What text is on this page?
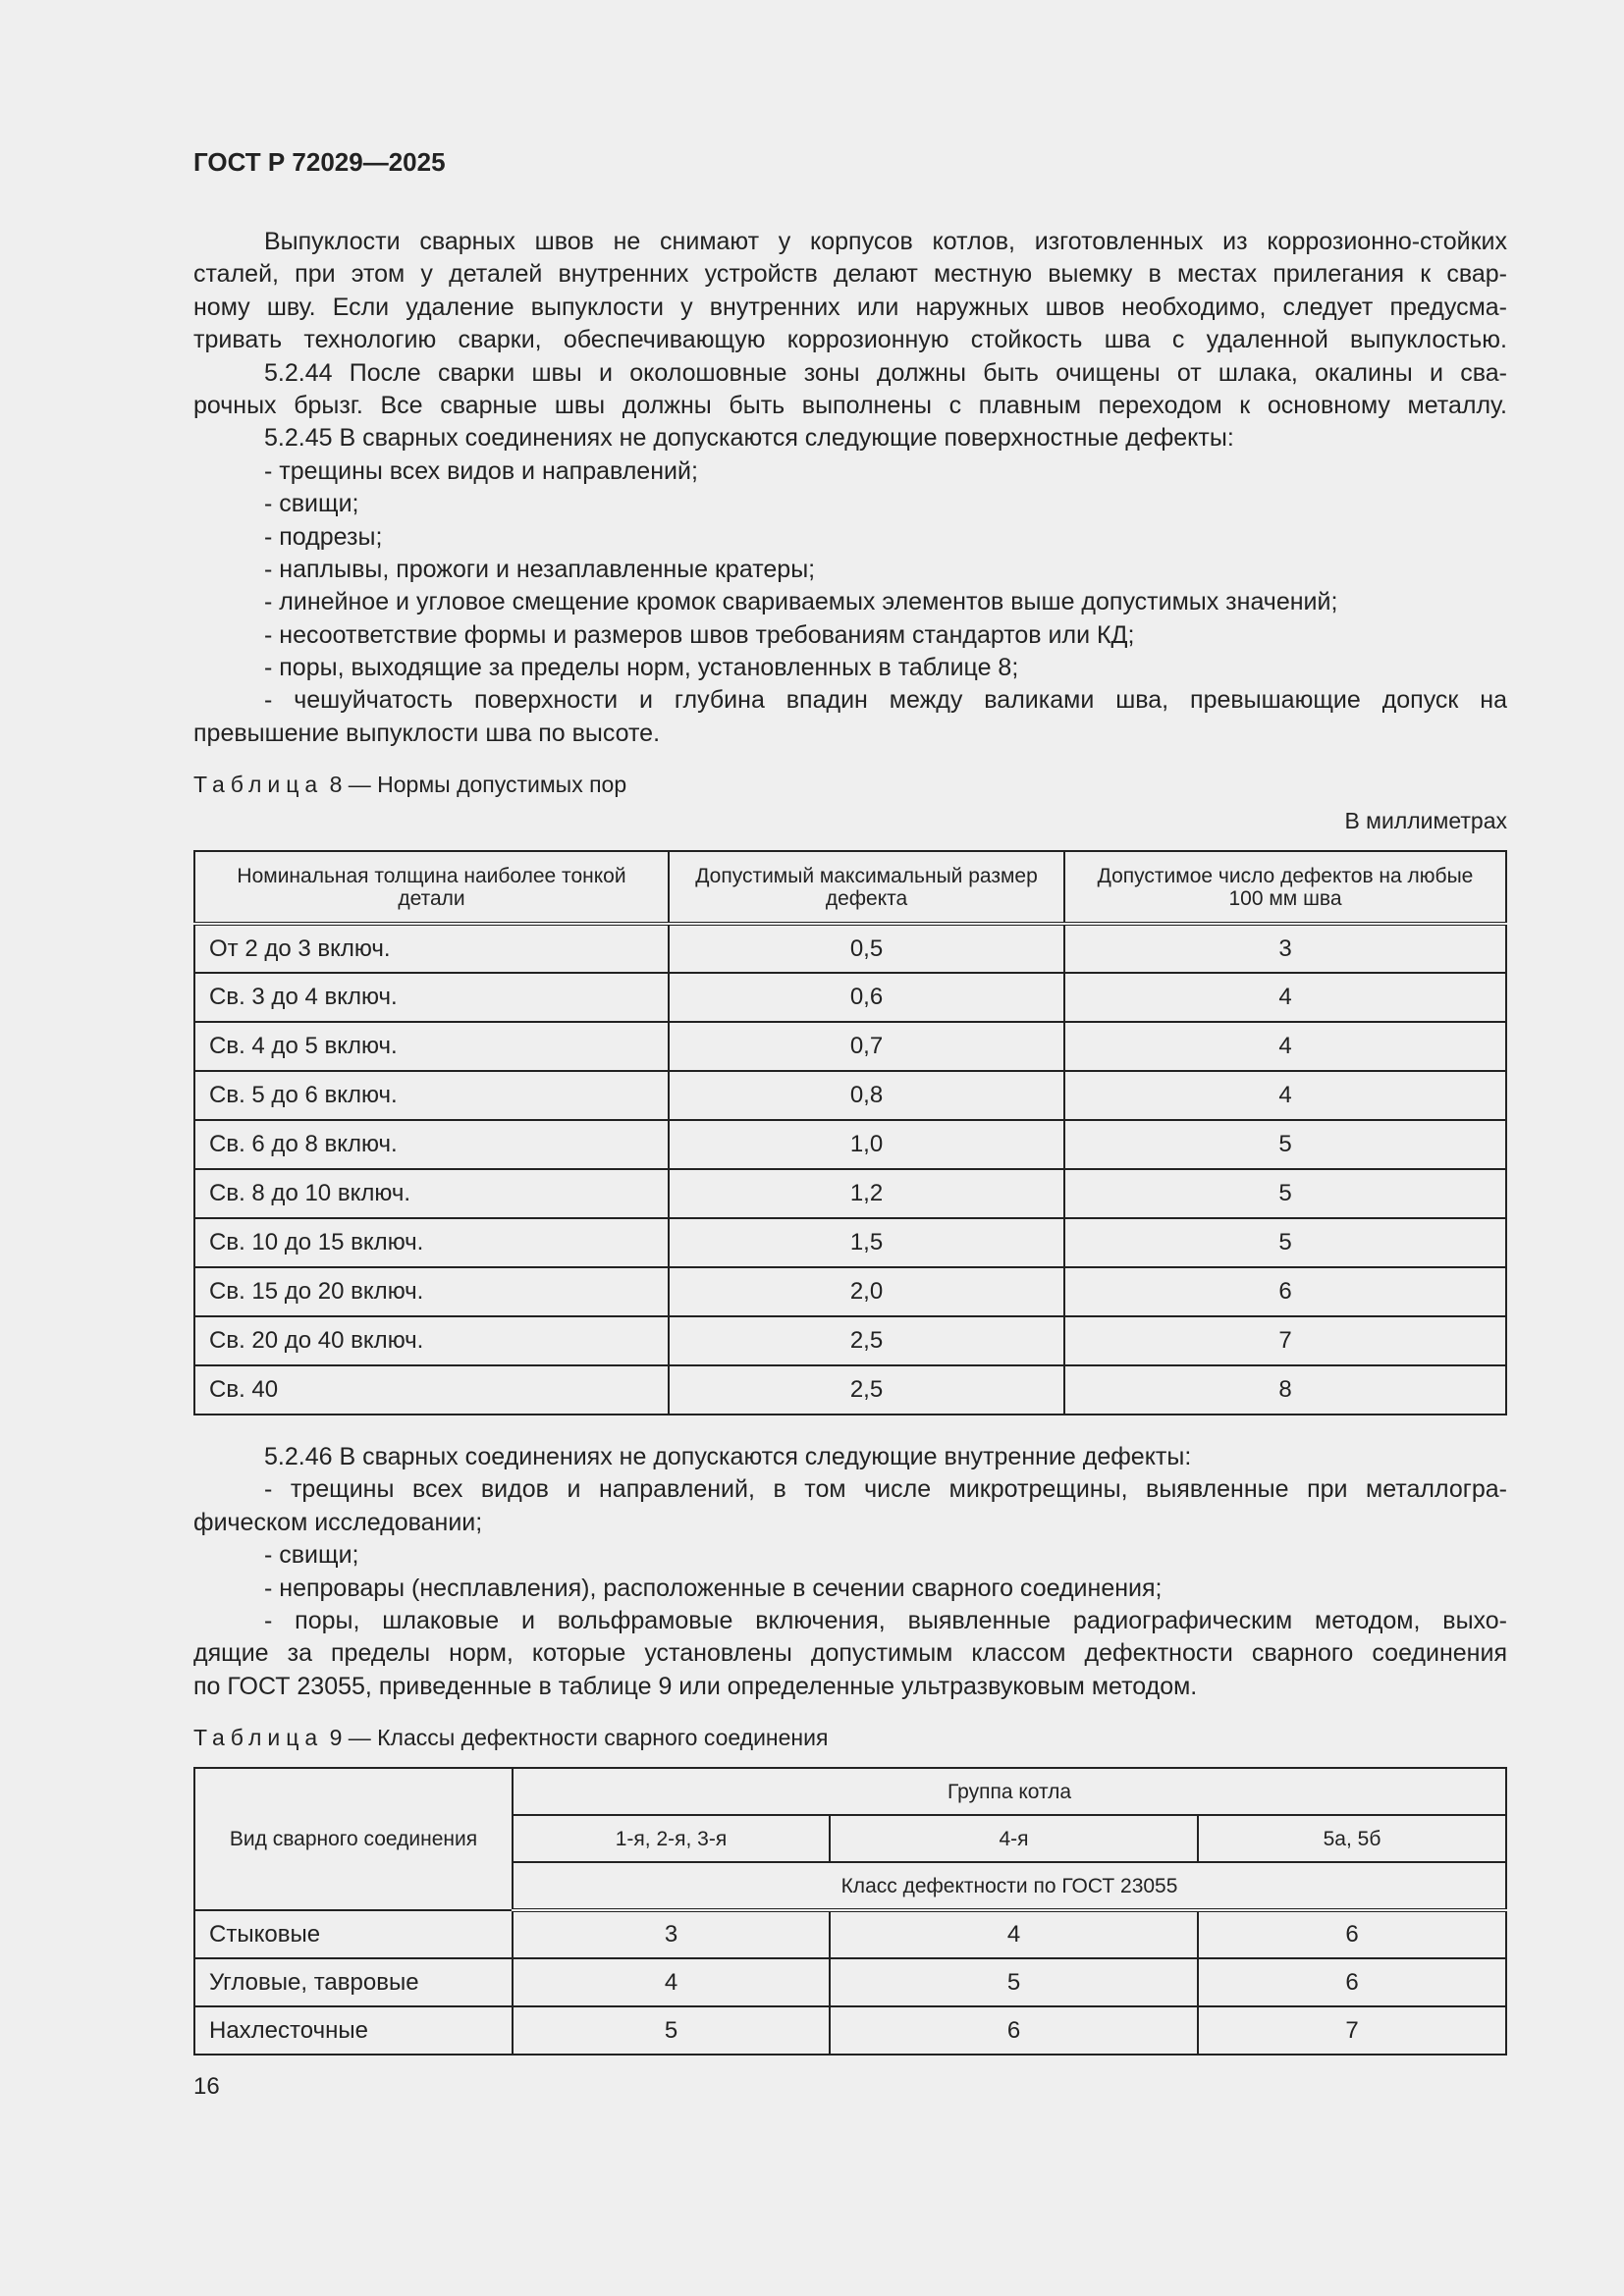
ГОСТ Р 72029—2025
Выпуклости сварных швов не снимают у корпусов котлов, изготовленных из коррозионно-стойких
сталей, при этом у деталей внутренних устройств делают местную выемку в местах прилегания к свар-
ному шву. Если удаление выпуклости у внутренних или наружных швов необходимо, следует предусма-
тривать технологию сварки, обеспечивающую коррозионную стойкость шва с удаленной выпуклостью.
5.2.44 После сварки швы и околошовные зоны должны быть очищены от шлака, окалины и сва-
рочных брызг. Все сварные швы должны быть выполнены с плавным переходом к основному металлу.
5.2.45 В сварных соединениях не допускаются следующие поверхностные дефекты:
- трещины всех видов и направлений;
- свищи;
- подрезы;
- наплывы, прожоги и незаплавленные кратеры;
- линейное и угловое смещение кромок свариваемых элементов выше допустимых значений;
- несоответствие формы и размеров швов требованиям стандартов или КД;
- поры, выходящие за пределы норм, установленных в таблице 8;
- чешуйчатость поверхности и глубина впадин между валиками шва, превышающие допуск на
превышение выпуклости шва по высоте.
Таблица 8 — Нормы допустимых пор
В миллиметрах
Номинальная толщина наиболее тонкой детали	Допустимый максимальный размер дефекта	Допустимое число дефектов на любые 100 мм шва
От 2 до 3 включ.	0,5	3
Св. 3 до 4 включ.	0,6	4
Св. 4 до 5 включ.	0,7	4
Св. 5 до 6 включ.	0,8	4
Св. 6 до 8 включ.	1,0	5
Св. 8 до 10 включ.	1,2	5
Св. 10 до 15 включ.	1,5	5
Св. 15 до 20 включ.	2,0	6
Св. 20 до 40 включ.	2,5	7
Св. 40	2,5	8
5.2.46 В сварных соединениях не допускаются следующие внутренние дефекты:
- трещины всех видов и направлений, в том числе микротрещины, выявленные при металлогра-
фическом исследовании;
- свищи;
- непровары (несплавления), расположенные в сечении сварного соединения;
- поры, шлаковые и вольфрамовые включения, выявленные радиографическим методом, выхо-
дящие за пределы норм, которые установлены допустимым классом дефектности сварного соединения
по ГОСТ 23055, приведенные в таблице 9 или определенные ультразвуковым методом.
Таблица 9 — Классы дефектности сварного соединения
Вид сварного соединения	Группа котла		
	1-я, 2-я, 3-я	4-я	5а, 5б
	Класс дефектности по ГОСТ 23055		
Стыковые	3	4	6
Угловые, тавровые	4	5	6
Нахлесточные	5	6	7
16
